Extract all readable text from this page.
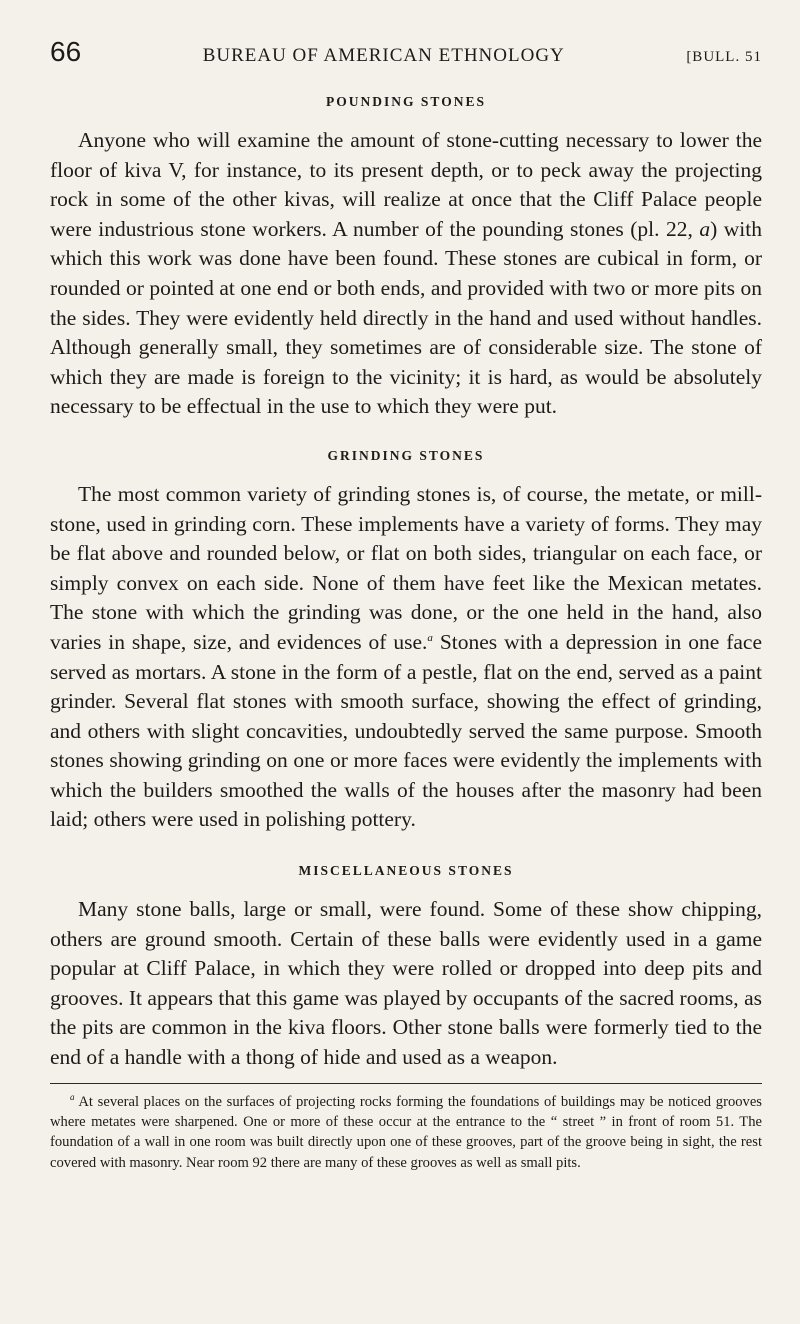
66	BUREAU OF AMERICAN ETHNOLOGY	[BULL. 51
POUNDING STONES

Anyone who will examine the amount of stone-cutting necessary to lower the floor of kiva V, for instance, to its present depth, or to peck away the projecting rock in some of the other kivas, will realize at once that the Cliff Palace people were industrious stone workers. A number of the pounding stones (pl. 22, a) with which this work was done have been found. These stones are cubical in form, or rounded or pointed at one end or both ends, and provided with two or more pits on the sides. They were evidently held directly in the hand and used without handles. Although generally small, they sometimes are of considerable size. The stone of which they are made is foreign to the vicinity; it is hard, as would be absolutely necessary to be effectual in the use to which they were put.

GRINDING STONES

The most common variety of grinding stones is, of course, the metate, or mill-stone, used in grinding corn. These implements have a variety of forms. They may be flat above and rounded below, or flat on both sides, triangular on each face, or simply convex on each side. None of them have feet like the Mexican metates. The stone with which the grinding was done, or the one held in the hand, also varies in shape, size, and evidences of use.$^a$ Stones with a depression in one face served as mortars. A stone in the form of a pestle, flat on the end, served as a paint grinder. Several flat stones with smooth surface, showing the effect of grinding, and others with slight concavities, undoubtedly served the same purpose. Smooth stones showing grinding on one or more faces were evidently the implements with which the builders smoothed the walls of the houses after the masonry had been laid; others were used in polishing pottery.

MISCELLANEOUS STONES

Many stone balls, large or small, were found. Some of these show chipping, others are ground smooth. Certain of these balls were evidently used in a game popular at Cliff Palace, in which they were rolled or dropped into deep pits and grooves. It appears that this game was played by occupants of the sacred rooms, as the pits are common in the kiva floors. Other stone balls were formerly tied to the end of a handle with a thong of hide and used as a weapon.

$^a$ At several places on the surfaces of projecting rocks forming the foundations of buildings may be noticed grooves where metates were sharpened. One or more of these occur at the entrance to the “ street ” in front of room 51. The foundation of a wall in one room was built directly upon one of these grooves, part of the groove being in sight, the rest covered with masonry. Near room 92 there are many of these grooves as well as small pits.
